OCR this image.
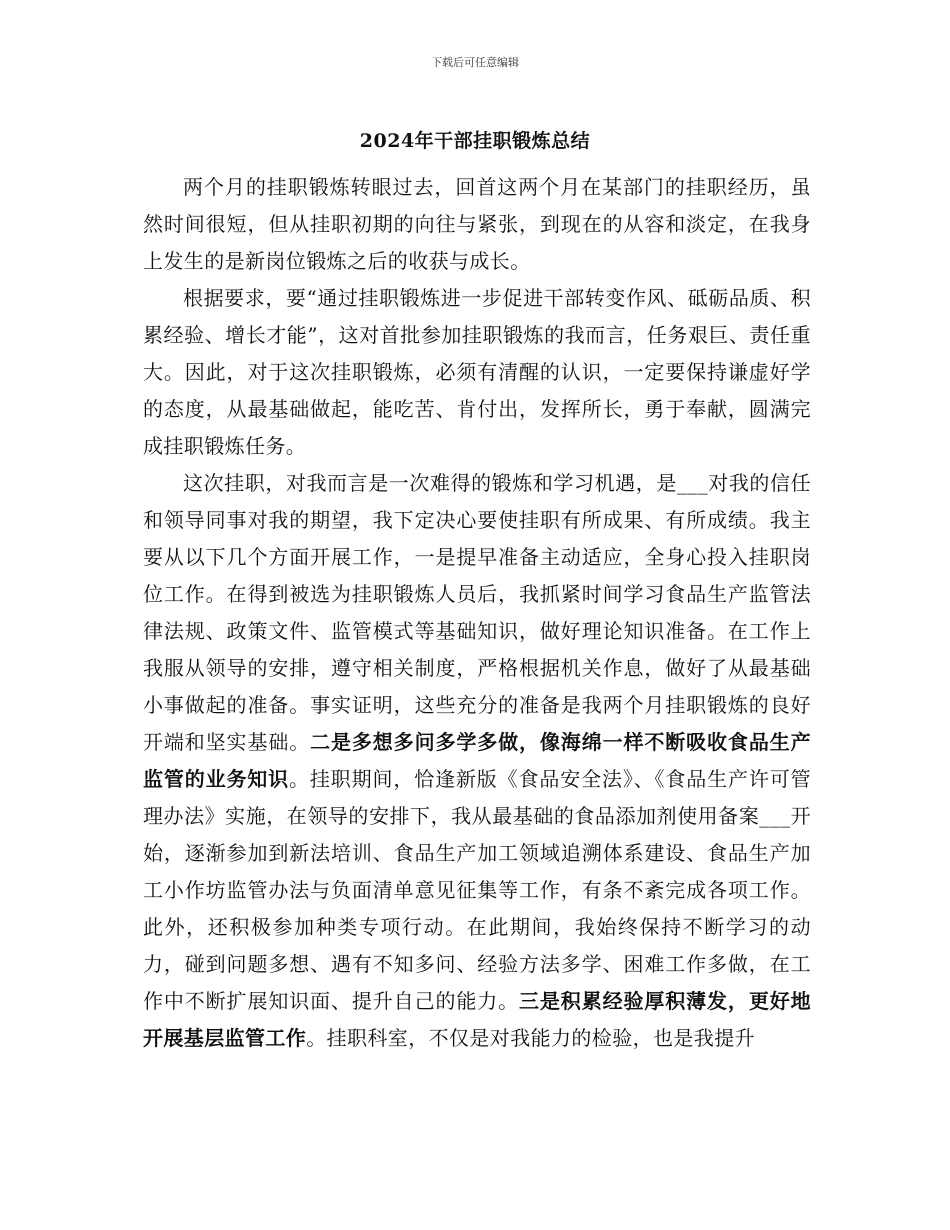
下载后可任意编辑
2024年干部挂职锻炼总结

两个月的挂职锻炼转眼过去，回首这两个月在某部门的挂职经历，虽然时间很短，但从挂职初期的向往与紧张，到现在的从容和淡定，在我身上发生的是新岗位锻炼之后的收获与成长。

根据要求，要“通过挂职锻炼进一步促进干部转变作风、砥砺品质、积累经验、增长才能”，这对首批参加挂职锻炼的我而言，任务艰巨、责任重大。因此，对于这次挂职锻炼，必须有清醒的认识，一定要保持谦虚好学的态度，从最基础做起，能吃苦、肯付出，发挥所长，勇于奉献，圆满完成挂职锻炼任务。

这次挂职，对我而言是一次难得的锻炼和学习机遇，是___对我的信任和领导同事对我的期望，我下定决心要使挂职有所成果、有所成绩。我主要从以下几个方面开展工作，一是提早准备主动适应，全身心投入挂职岗位工作。在得到被选为挂职锻炼人员后，我抓紧时间学习食品生产监管法律法规、政策文件、监管模式等基础知识，做好理论知识准备。在工作上我服从领导的安排，遵守相关制度，严格根据机关作息，做好了从最基础小事做起的准备。事实证明，这些充分的准备是我两个月挂职锻炼的良好开端和坚实基础。二是多想多问多学多做，像海绵一样不断吸收食品生产监管的业务知识。挂职期间，恰逢新版《食品安全法》、《食品生产许可管理办法》实施，在领导的安排下，我从最基础的食品添加剂使用备案___开始，逐渐参加到新法培训、食品生产加工领域追溯体系建设、食品生产加工小作坊监管办法与负面清单意见征集等工作，有条不紊完成各项工作。此外，还积极参加种类专项行动。在此期间，我始终保持不断学习的动力，碰到问题多想、遇有不知多问、经验方法多学、困难工作多做，在工作中不断扩展知识面、提升自己的能力。三是积累经验厚积薄发，更好地开展基层监管工作。挂职科室，不仅是对我能力的检验，也是我提升
